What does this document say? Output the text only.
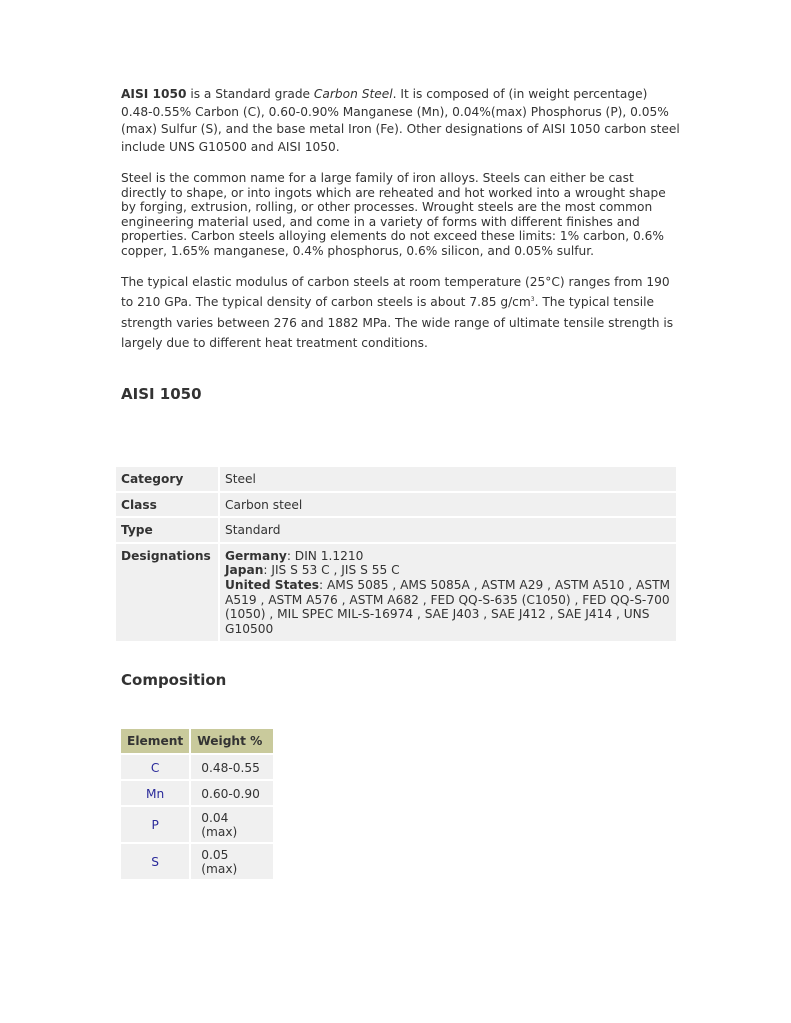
AISI 1050 is a Standard grade Carbon Steel. It is composed of (in weight percentage) 0.48-0.55% Carbon (C), 0.60-0.90% Manganese (Mn), 0.04%(max) Phosphorus (P), 0.05%(max) Sulfur (S), and the base metal Iron (Fe). Other designations of AISI 1050 carbon steel include UNS G10500 and AISI 1050.

Steel is the common name for a large family of iron alloys. Steels can either be cast directly to shape, or into ingots which are reheated and hot worked into a wrought shape by forging, extrusion, rolling, or other processes. Wrought steels are the most common engineering material used, and come in a variety of forms with different finishes and properties. Carbon steels alloying elements do not exceed these limits: 1% carbon, 0.6% copper, 1.65% manganese, 0.4% phosphorus, 0.6% silicon, and 0.05% sulfur.

The typical elastic modulus of carbon steels at room temperature (25°C) ranges from 190 to 210 GPa. The typical density of carbon steels is about 7.85 $g/cm^3$. The typical tensile strength varies between 276 and 1882 MPa. The wide range of ultimate tensile strength is largely due to different heat treatment conditions.

AISI 1050
Category	Steel
Class	Carbon steel
Type	Standard
Designations	Germany: DIN 1.1210
Japan: JIS S 53 C , JIS S 55 C
United States: AMS 5085 , AMS 5085A , ASTM A29 , ASTM A510 , ASTM A519 , ASTM A576 , ASTM A682 , FED QQ-S-635 (C1050) , FED QQ-S-700 (1050) , MIL SPEC MIL-S-16974 , SAE J403 , SAE J412 , SAE J414 , UNS G10500
Composition
Element	Weight %
C	0.48-0.55
Mn	0.60-0.90
P	0.04 (max)
S	0.05 (max)
